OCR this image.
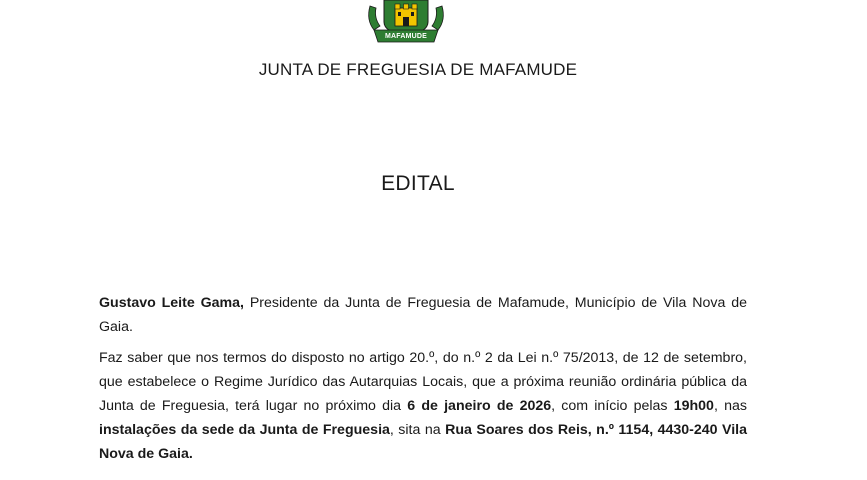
MAFAMUDE
JUNTA DE FREGUESIA DE MAFAMUDE
EDITAL
Gustavo Leite Gama, Presidente da Junta de Freguesia de Mafamude, Município de Vila Nova de Gaia.
Faz saber que nos termos do disposto no artigo 20.º, do n.º 2 da Lei n.º 75/2013, de 12 de setembro, que estabelece o Regime Jurídico das Autarquias Locais, que a próxima reunião ordinária pública da Junta de Freguesia, terá lugar no próximo dia 6 de janeiro de 2026, com início pelas 19h00, nas instalações da sede da Junta de Freguesia, sita na Rua Soares dos Reis, n.º 1154, 4430-240 Vila Nova de Gaia.
